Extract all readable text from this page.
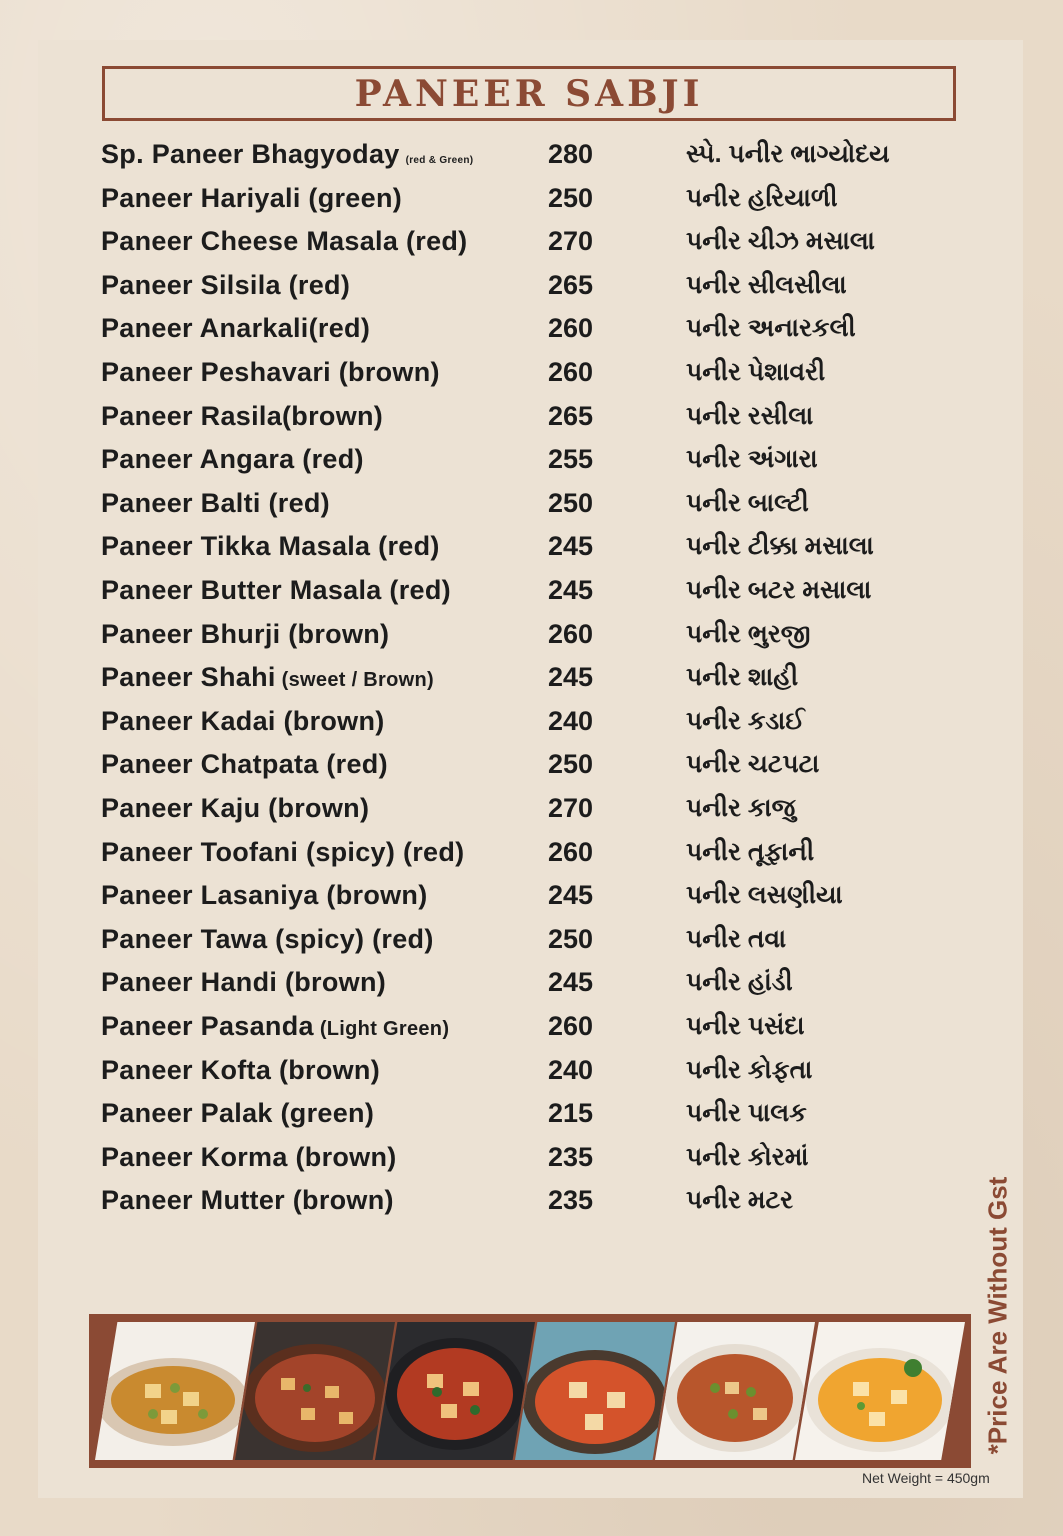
PANEER SABJI
Sp. Paneer Bhagyoday (red & Green)	280	સ્પે. પનીર ભાગ્યોદય
Paneer Hariyali (green)	250	પનીર હરિયાળી
Paneer Cheese Masala (red)	270	પનીર ચીઝ મસાલા
Paneer Silsila (red)	265	પનીર સીલસીલા
Paneer Anarkali(red)	260	પનીર અનારકલી
Paneer Peshavari (brown)	260	પનીર પેશાવરી
Paneer Rasila(brown)	265	પનીર રસીલા
Paneer Angara (red)	255	પનીર અંગારા
Paneer Balti (red)	250	પનીર બાલ્ટી
Paneer Tikka Masala (red)	245	પનીર ટીક્કા મસાલા
Paneer Butter Masala (red)	245	પનીર બટર મસાલા
Paneer Bhurji (brown)	260	પનીર ભુરજી
Paneer Shahi (sweet / Brown)	245	પનીર શાહી
Paneer Kadai (brown)	240	પનીર કડાઈ
Paneer Chatpata (red)	250	પનીર ચટપટા
Paneer Kaju (brown)	270	પનીર કાજુ
Paneer Toofani (spicy) (red)	260	પનીર તૂફાની
Paneer Lasaniya (brown)	245	પનીર લસણીયા
Paneer Tawa (spicy) (red)	250	પનીર તવા
Paneer Handi (brown)	245	પનીર હાંડી
Paneer Pasanda (Light Green)	260	પનીર પસંદા
Paneer Kofta (brown)	240	પનીર કોફતા
Paneer Palak (green)	215	પનીર પાલક
Paneer Korma (brown)	235	પનીર કોરમાં
Paneer Mutter (brown)	235	પનીર મટર	*Price Are Without Gst
Net Weight = 450gm
